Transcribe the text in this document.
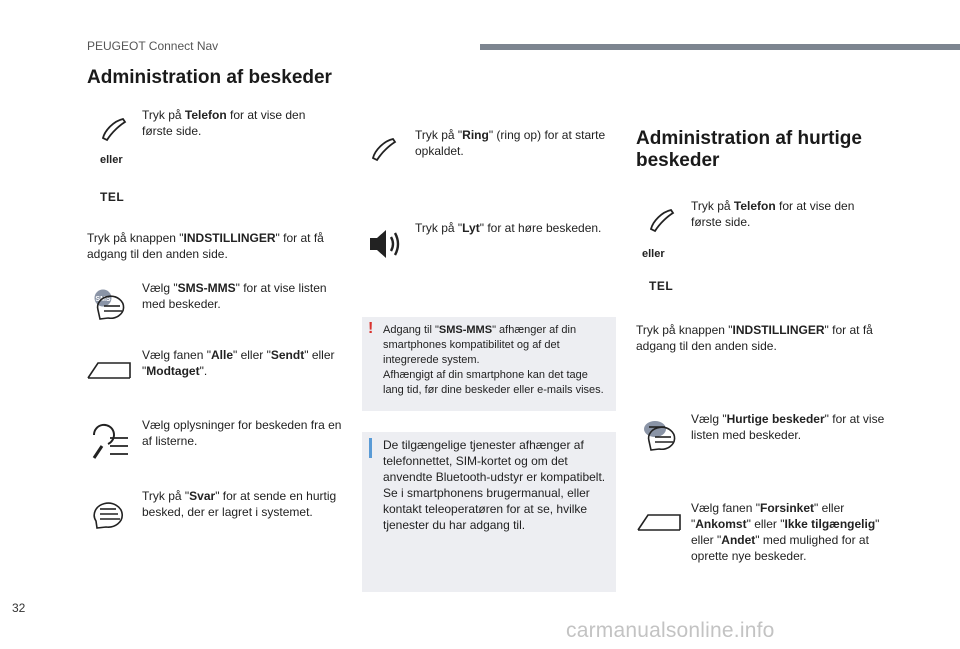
PEUGEOT Connect Nav
Administration af beskeder
Tryk på Telefon for at vise den første side.
eller
TEL
Tryk på knappen "INDSTILLINGER" for at få adgang til den anden side.
SMS
Vælg "SMS-MMS" for at vise listen med beskeder.
Vælg fanen "Alle" eller "Sendt" eller "Modtaget".
Vælg oplysninger for beskeden fra en af listerne.
Tryk på "Svar" for at sende en hurtig besked, der er lagret i systemet.
Tryk på "Ring" (ring op) for at starte opkaldet.
Tryk på "Lyt" for at høre beskeden.
! Adgang til "SMS-MMS" afhænger af din smartphones kompatibilitet og af det integrerede system.
Afhængigt af din smartphone kan det tage lang tid, før dine beskeder eller e-mails vises.
De tilgængelige tjenester afhænger af telefonnettet, SIM-kortet og om det anvendte Bluetooth-udstyr er kompatibelt. Se i smartphonens brugermanual, eller kontakt teleoperatøren for at se, hvilke tjenester du har adgang til.
Administration af hurtige beskeder
Tryk på Telefon for at vise den første side.
eller
TEL
Tryk på knappen "INDSTILLINGER" for at få adgang til den anden side.
Vælg "Hurtige beskeder" for at vise listen med beskeder.
Vælg fanen "Forsinket" eller "Ankomst" eller "Ikke tilgængelig" eller "Andet" med mulighed for at oprette nye beskeder.
32
carmanualsonline.info
